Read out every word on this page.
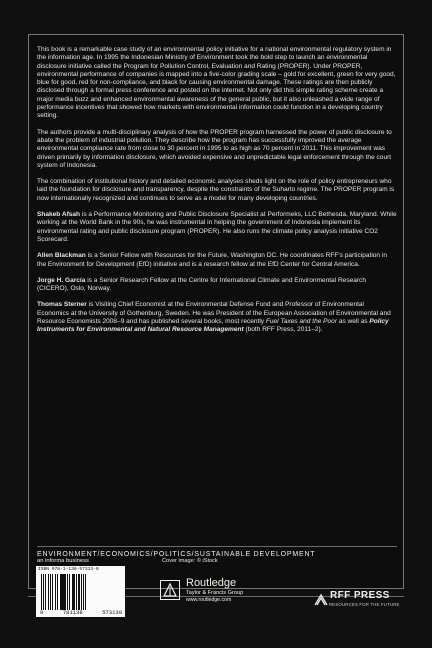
This book is a remarkable case study of an environmental policy initiative for a national environmental regulatory system in the information age. In 1995 the Indonesian Ministry of Environment took the bold step to launch an environmental disclosure initiative called the Program for Pollution Control, Evaluation and Rating (PROPER). Under PROPER, environmental performance of companies is mapped into a five-color grading scale – gold for excellent, green for very good, blue for good, red for non-compliance, and black for causing environmental damage. These ratings are then publicly disclosed through a formal press conference and posted on the internet. Not only did this simple rating scheme create a major media buzz and enhanced environmental awareness of the general public, but it also unleashed a wide range of performance incentives that showed how markets with environmental information could function in a developing country setting.

The authors provide a multi-disciplinary analysis of how the PROPER program harnessed the power of public disclosure to abate the problem of industrial pollution. They describe how the program has successfully improved the average environmental compliance rate from close to 30 percent in 1995 to as high as 70 percent in 2011. This improvement was driven primarily by information disclosure, which avoided expensive and unpredictable legal enforcement through the court system of Indonesia.

The combination of institutional history and detailed economic analyses sheds light on the role of policy entrepreneurs who laid the foundation for disclosure and transparency, despite the constraints of the Suharto regime. The PROPER program is now internationally recognized and continues to serve as a model for many developing countries.

Shakeb Afsah is a Performance Monitoring and Public Disclosure Specialist at Performeks, LLC Bethesda, Maryland. While working at the World Bank in the 90s, he was instrumental in helping the government of Indonesia implement its environmental rating and public disclosure program (PROPER). He also runs the climate policy analysis initiative CO2 Scorecard.

Allen Blackman is a Senior Fellow with Resources for the Future, Washington DC. He coordinates RFF's participation in the Environment for Development (EfD) initiative and is a research fellow at the EfD Center for Central America.

Jorge H. García is a Senior Research Fellow at the Centre for International Climate and Environmental Research (CICERO), Oslo, Norway.

Thomas Sterner is Visiting Chief Economist at the Environmental Defense Fund and Professor of Environmental Economics at the University of Gothenburg, Sweden. He was President of the European Association of Environmental and Resource Economists 2008–9 and has published several books, most recently Fuel Taxes and the Poor as well as Policy Instruments for Environmental and Natural Resource Management (both RFF Press, 2011–2).

ENVIRONMENT/ECONOMICS/POLITICS/SUSTAINABLE DEVELOPMENT
an informa business
ISBN 978-1-138-57313-0
9	781138	573130
Cover image: © iStock
Routledge
Taylor & Francis Group
www.routledge.com	RFF PRESS
RESOURCES FOR THE FUTURE
